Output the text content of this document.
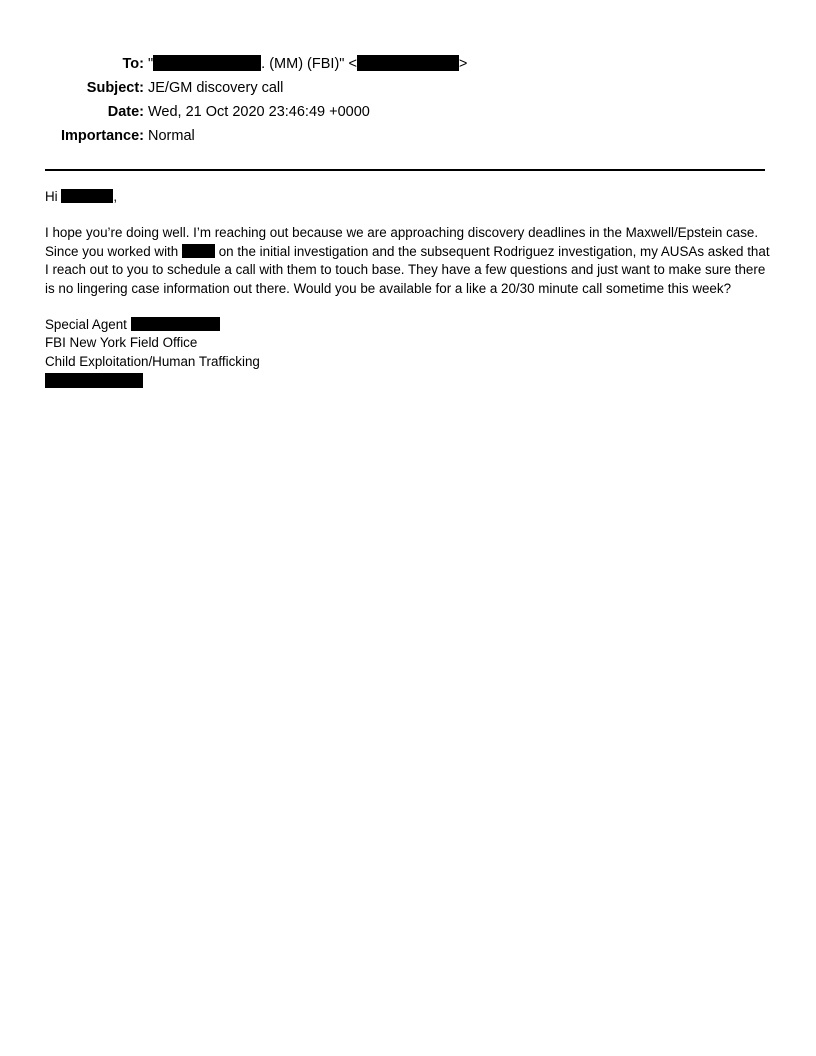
To: "	. (MM) (FBI)" <	>
Subject: JE/GM discovery call
Date: Wed, 21 Oct 2020 23:46:49 +0000
Importance: Normal

Hi	,

I hope you’re doing well. I’m reaching out because we are approaching discovery deadlines in the Maxwell/Epstein case. Since you worked with	on the initial investigation and the subsequent Rodriguez investigation, my AUSAs asked that I reach out to you to schedule a call with them to touch base. They have a few questions and just want to make sure there is no lingering case information out there. Would you be available for a like a 20/30 minute call sometime this week?

Special Agent
FBI New York Field Office
Child Exploitation/Human Trafficking
